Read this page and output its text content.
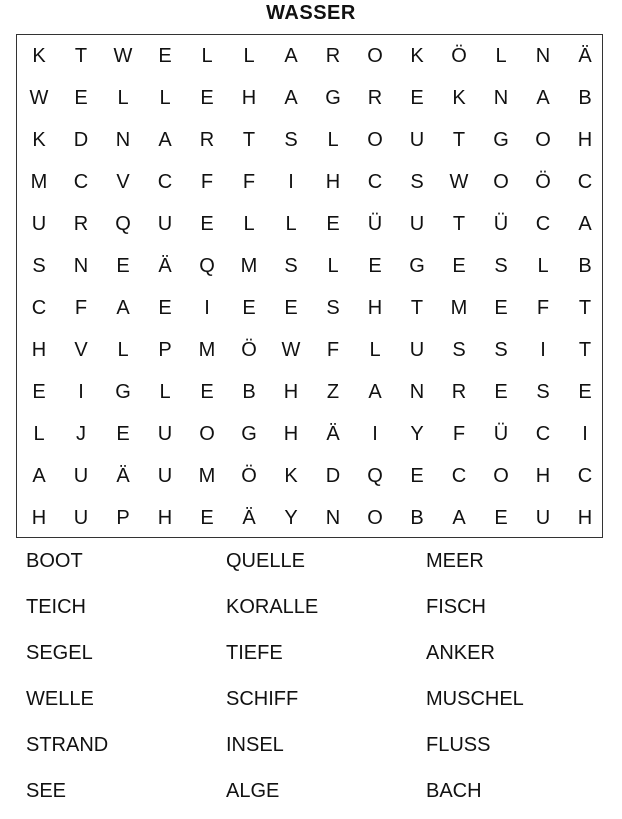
WASSER
K	T	W	E	L	L	A	R	O	K	Ö	L	N	Ä
W	E	L	L	E	H	A	G	R	E	K	N	A	B
K	D	N	A	R	T	S	L	O	U	T	G	O	H
M	C	V	C	F	F	I	H	C	S	W	O	Ö	C
U	R	Q	U	E	L	L	E	Ü	U	T	Ü	C	A
S	N	E	Ä	Q	M	S	L	E	G	E	S	L	B
C	F	A	E	I	E	E	S	H	T	M	E	F	T
H	V	L	P	M	Ö	W	F	L	U	S	S	I	T
E	I	G	L	E	B	H	Z	A	N	R	E	S	E
L	J	E	U	O	G	H	Ä	I	Y	F	Ü	C	I
A	U	Ä	U	M	Ö	K	D	Q	E	C	O	H	C
H	U	P	H	E	Ä	Y	N	O	B	A	E	U	H
BOOT	QUELLE	MEER
TEICH	KORALLE	FISCH
SEGEL	TIEFE	ANKER
WELLE	SCHIFF	MUSCHEL
STRAND	INSEL	FLUSS
SEE	ALGE	BACH
